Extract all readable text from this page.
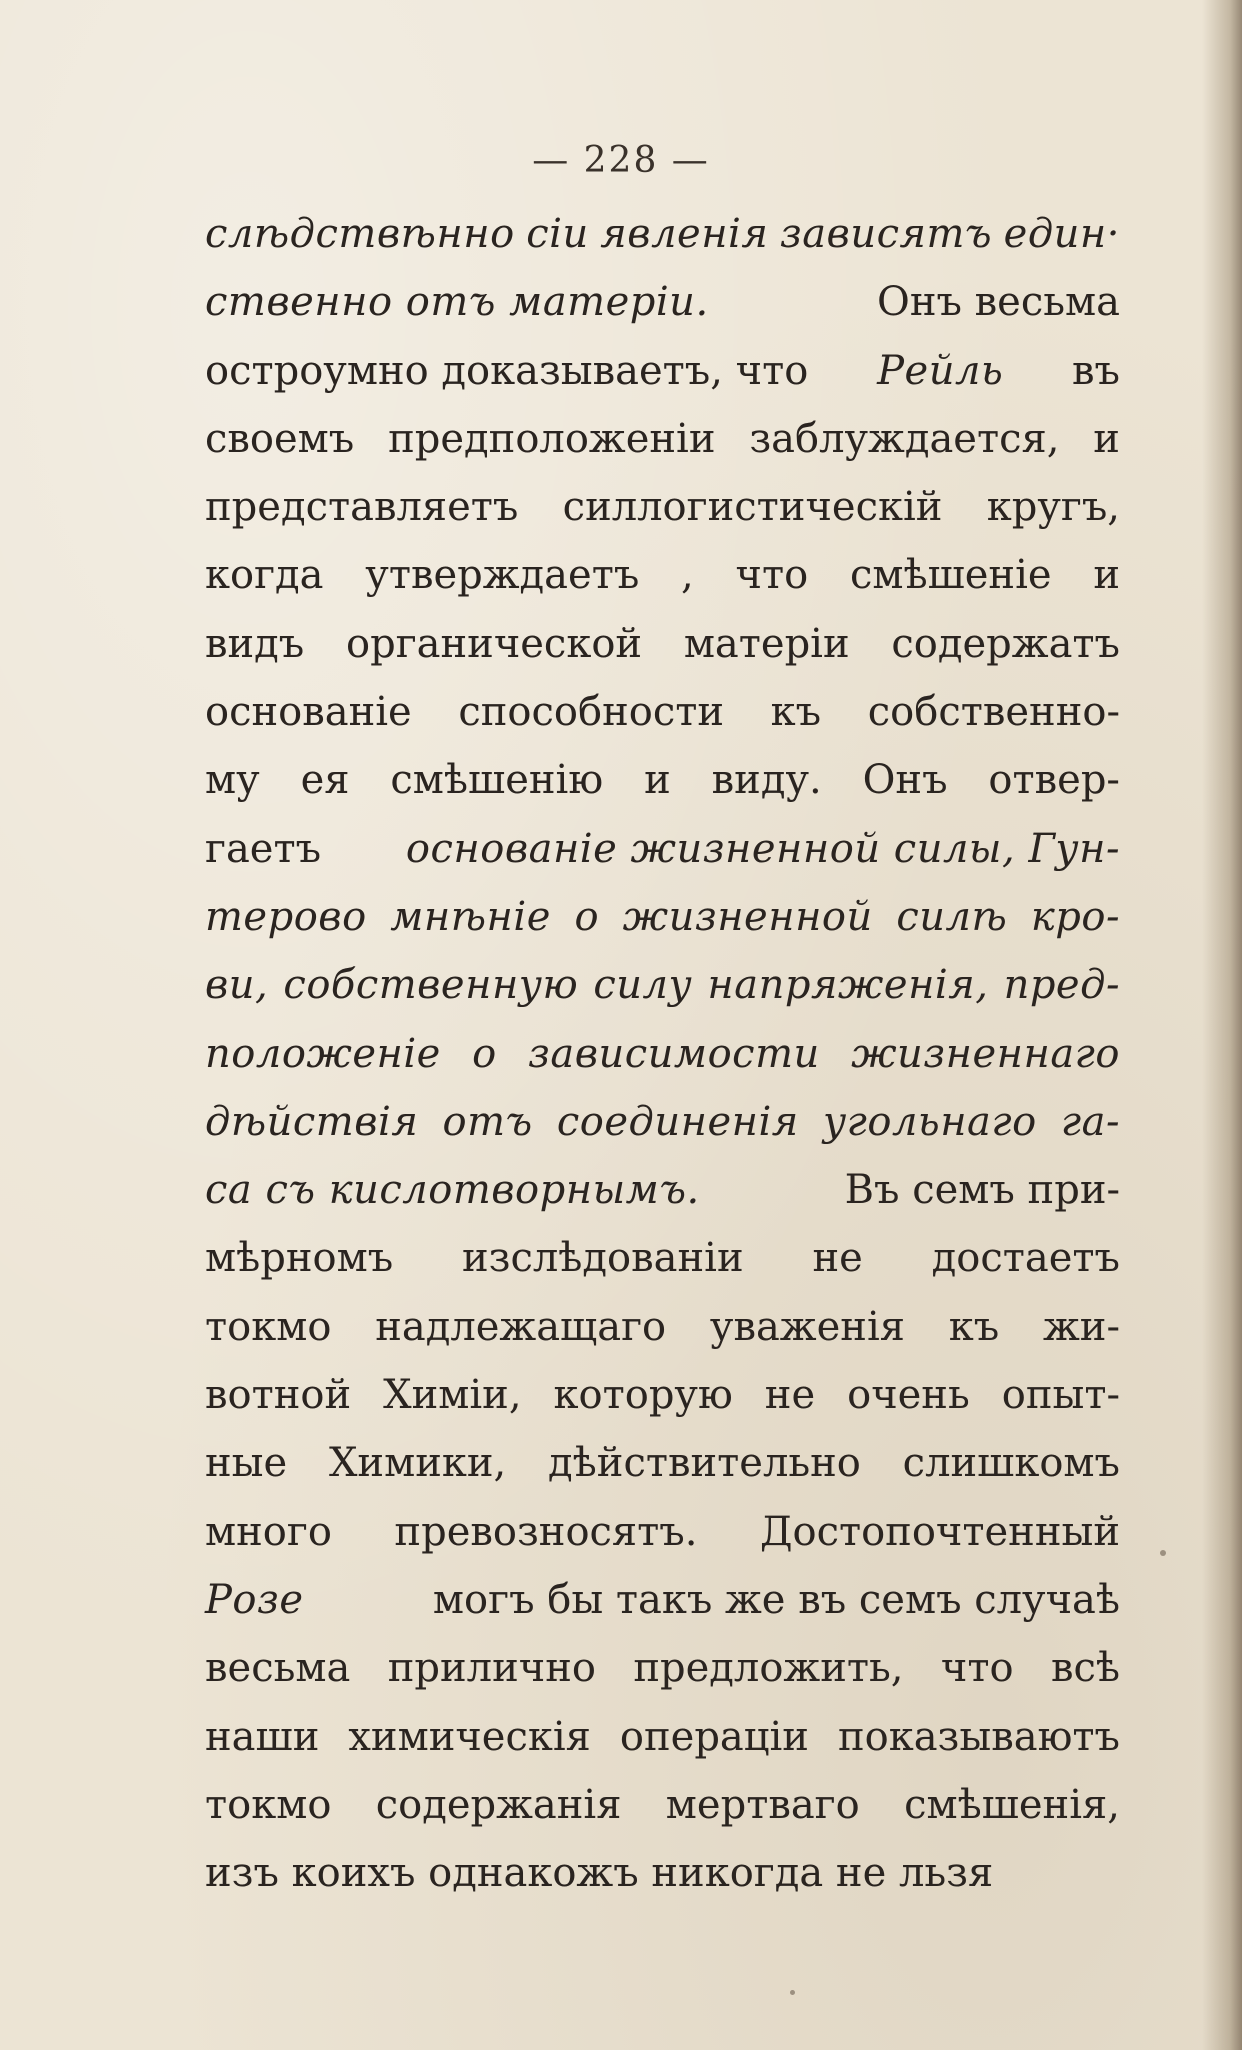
— 228 —
слѣдствѣнно сіи явленія зависятъ един·
ственно отъ матеріи.	Онъ весьма
остроумно доказываетъ, что Рейль въ
своемъ предположеніи заблуждается, и
представляетъ силлогистическій кругъ,
когда утверждаетъ , что смѣшеніе и
видъ органической матеріи содержатъ
основаніе способности къ собственно-
му ея смѣшенію и виду. Онъ отвер-
гаетъ основаніе жизненной силы, Гун-
терово мнѣніе о жизненной силѣ кро-
ви, собственную силу напряженія, пред-
положеніе о зависимости жизненнаго
дѣйствія отъ соединенія угольнаго га-
са съ кислотворнымъ.	Въ семъ при-
мѣрномъ изслѣдованіи не достаетъ
токмо надлежащаго уваженія къ жи-
вотной Химіи, которую не очень опыт-
ные Химики, дѣйствительно слишкомъ
много превозносятъ. Достопочтенный
Розе	могъ бы такъ же въ семъ случаѣ
весьма прилично предложить, что всѣ
наши химическія операціи показываютъ
токмо содержанія мертваго смѣшенія,
изъ коихъ однакожъ никогда не льзя
